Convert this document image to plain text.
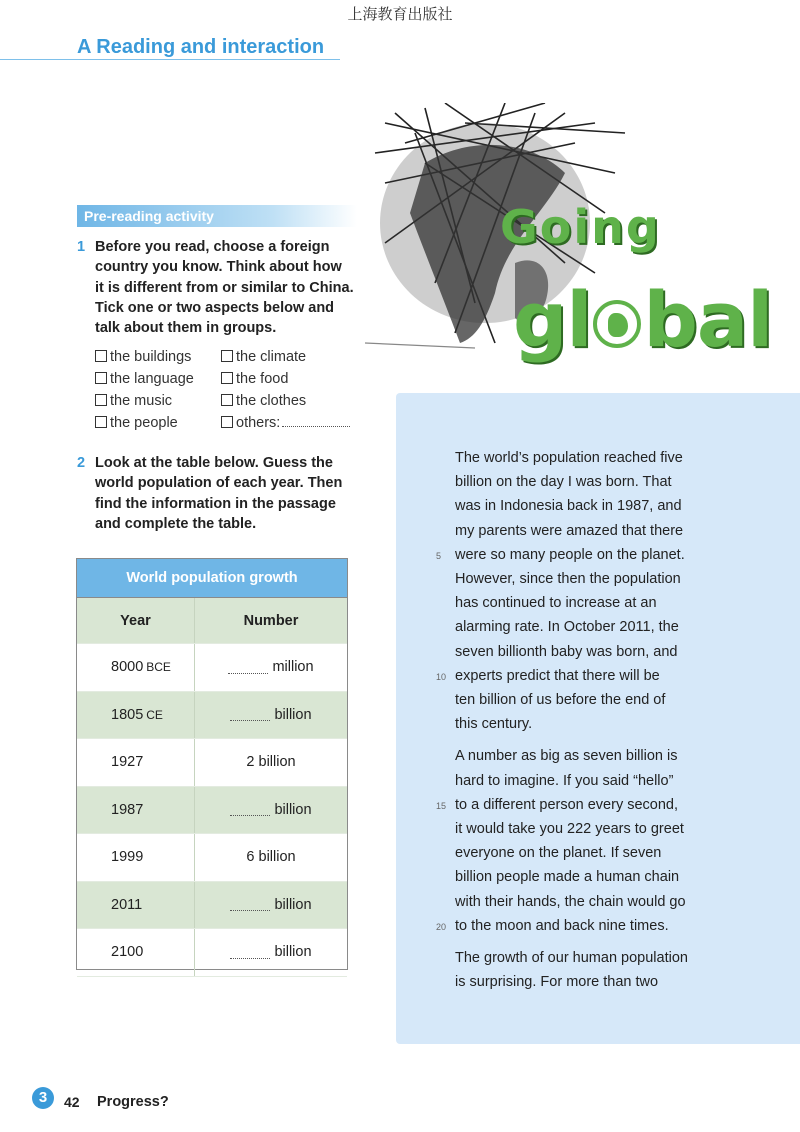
上海教育出版社
A Reading and interaction
Going
gl bal
Pre-reading activity
1 Before you read, choose a foreign
country you know. Think about how
it is different from or similar to China.
Tick one or two aspects below and
talk about them in groups.
the buildings	the climate
the language	the food
the music	the clothes
the people	others:
2 Look at the table below. Guess the
world population of each year. Then
find the information in the passage
and complete the table.
World population growth
Year	Number
8000 BCE	million
1805 CE	billion
1927	2 billion
1987	billion
1999	6 billion
2011	billion
2100	billion
The world’s population reached five
billion on the day I was born. That
was in Indonesia back in 1987, and
my parents were amazed that there
5 were so many people on the planet.
However, since then the population
has continued to increase at an
alarming rate. In October 2011, the
seven billionth baby was born, and
10 experts predict that there will be
ten billion of us before the end of
this century.
A number as big as seven billion is
hard to imagine. If you said “hello”
15 to a different person every second,
it would take you 222 years to greet
everyone on the planet. If seven
billion people made a human chain
with their hands, the chain would go
20 to the moon and back nine times.
The growth of our human population
is surprising. For more than two
3	42 Progress?
